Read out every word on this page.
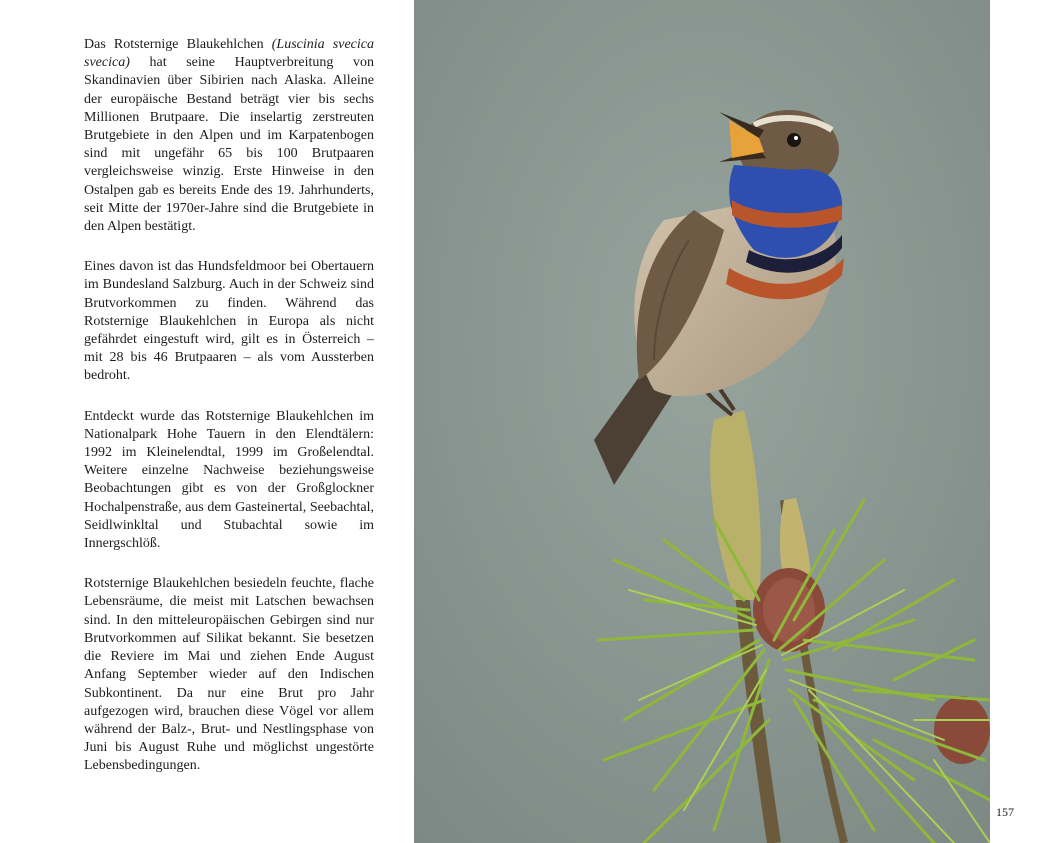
Das Rotsternige Blaukehlchen (Luscinia svecica svecica) hat seine Hauptverbreitung von Skandinavien über Sibirien nach Alaska. Alleine der europäische Bestand beträgt vier bis sechs Millionen Brutpaare. Die inselartig zerstreuten Brutgebiete in den Alpen und im Karpatenbogen sind mit ungefähr 65 bis 100 Brutpaaren vergleichsweise winzig. Erste Hinweise in den Ostalpen gab es bereits Ende des 19. Jahrhunderts, seit Mitte der 1970er-Jahre sind die Brutgebiete in den Alpen bestätigt.

Eines davon ist das Hundsfeldmoor bei Obertauern im Bundesland Salzburg. Auch in der Schweiz sind Brutvorkommen zu finden. Während das Rotsternige Blaukehlchen in Europa als nicht gefährdet eingestuft wird, gilt es in Österreich – mit 28 bis 46 Brutpaaren – als vom Aussterben bedroht.

Entdeckt wurde das Rotsternige Blaukehlchen im Nationalpark Hohe Tauern in den Elendtälern: 1992 im Kleinelendtal, 1999 im Großelendtal. Weitere einzelne Nachweise beziehungsweise Beobachtungen gibt es von der Großglockner Hochalpenstraße, aus dem Gasteinertal, Seebachtal, Seidlwinkltal und Stubachtal sowie im Innergschlöß.

Rotsternige Blaukehlchen besiedeln feuchte, flache Lebensräume, die meist mit Latschen bewachsen sind. In den mitteleuropäischen Gebirgen sind nur Brutvorkommen auf Silikat bekannt. Sie besetzen die Reviere im Mai und ziehen Ende August Anfang September wieder auf den Indischen Subkontinent. Da nur eine Brut pro Jahr aufgezogen wird, brauchen diese Vögel vor allem während der Balz-, Brut- und Nestlingsphase von Juni bis August Ruhe und möglichst ungestörte Lebensbedingungen.

157
